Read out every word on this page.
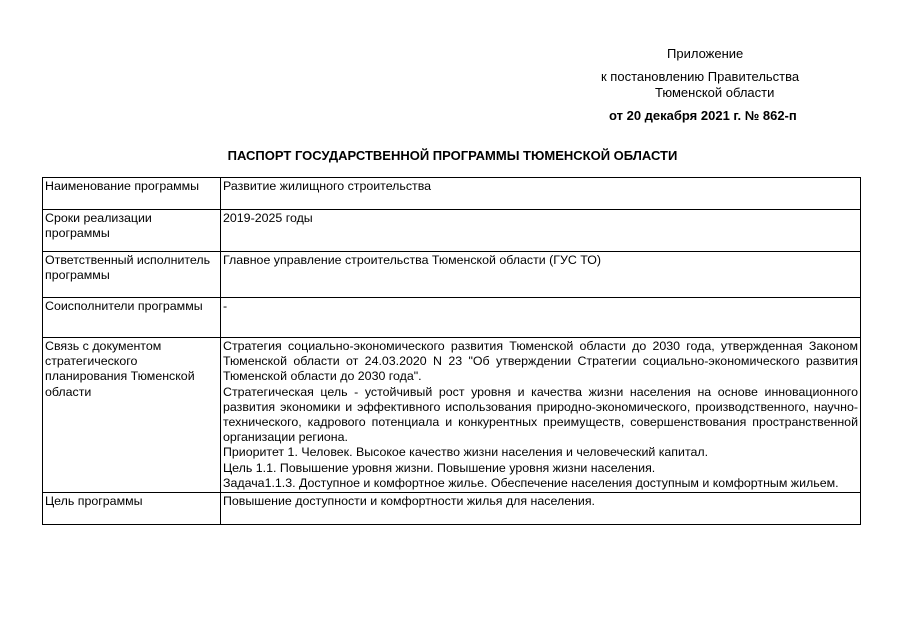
Приложение
к постановлению Правительства
Тюменской области
от 20 декабря 2021 г. № 862-п
ПАСПОРТ ГОСУДАРСТВЕННОЙ ПРОГРАММЫ ТЮМЕНСКОЙ ОБЛАСТИ
Наименование программы	Развитие жилищного строительства

Сроки реализации программы	2019-2025 годы

Ответственный исполнитель программы	Главное управление строительства Тюменской области (ГУС ТО)

Соисполнители программы	-

Связь с документом стратегического планирования Тюменской области	Стратегия социально-экономического развития Тюменской области до 2030 года, утвержденная Законом Тюменской области от 24.03.2020 N 23 "Об утверждении Стратегии социально-экономического развития Тюменской области до 2030 года".
Стратегическая цель - устойчивый рост уровня и качества жизни населения на основе инновационного развития экономики и эффективного использования природно-экономического, производственного, научно-технического, кадрового потенциала и конкурентных преимуществ, совершенствования пространственной организации региона.
Приоритет 1. Человек. Высокое качество жизни населения и человеческий капитал.
Цель 1.1. Повышение уровня жизни. Повышение уровня жизни населения.
Задача1.1.3. Доступное и комфортное жилье. Обеспечение населения доступным и комфортным жильем.

Цель программы	Повышение доступности и комфортности жилья для населения.
